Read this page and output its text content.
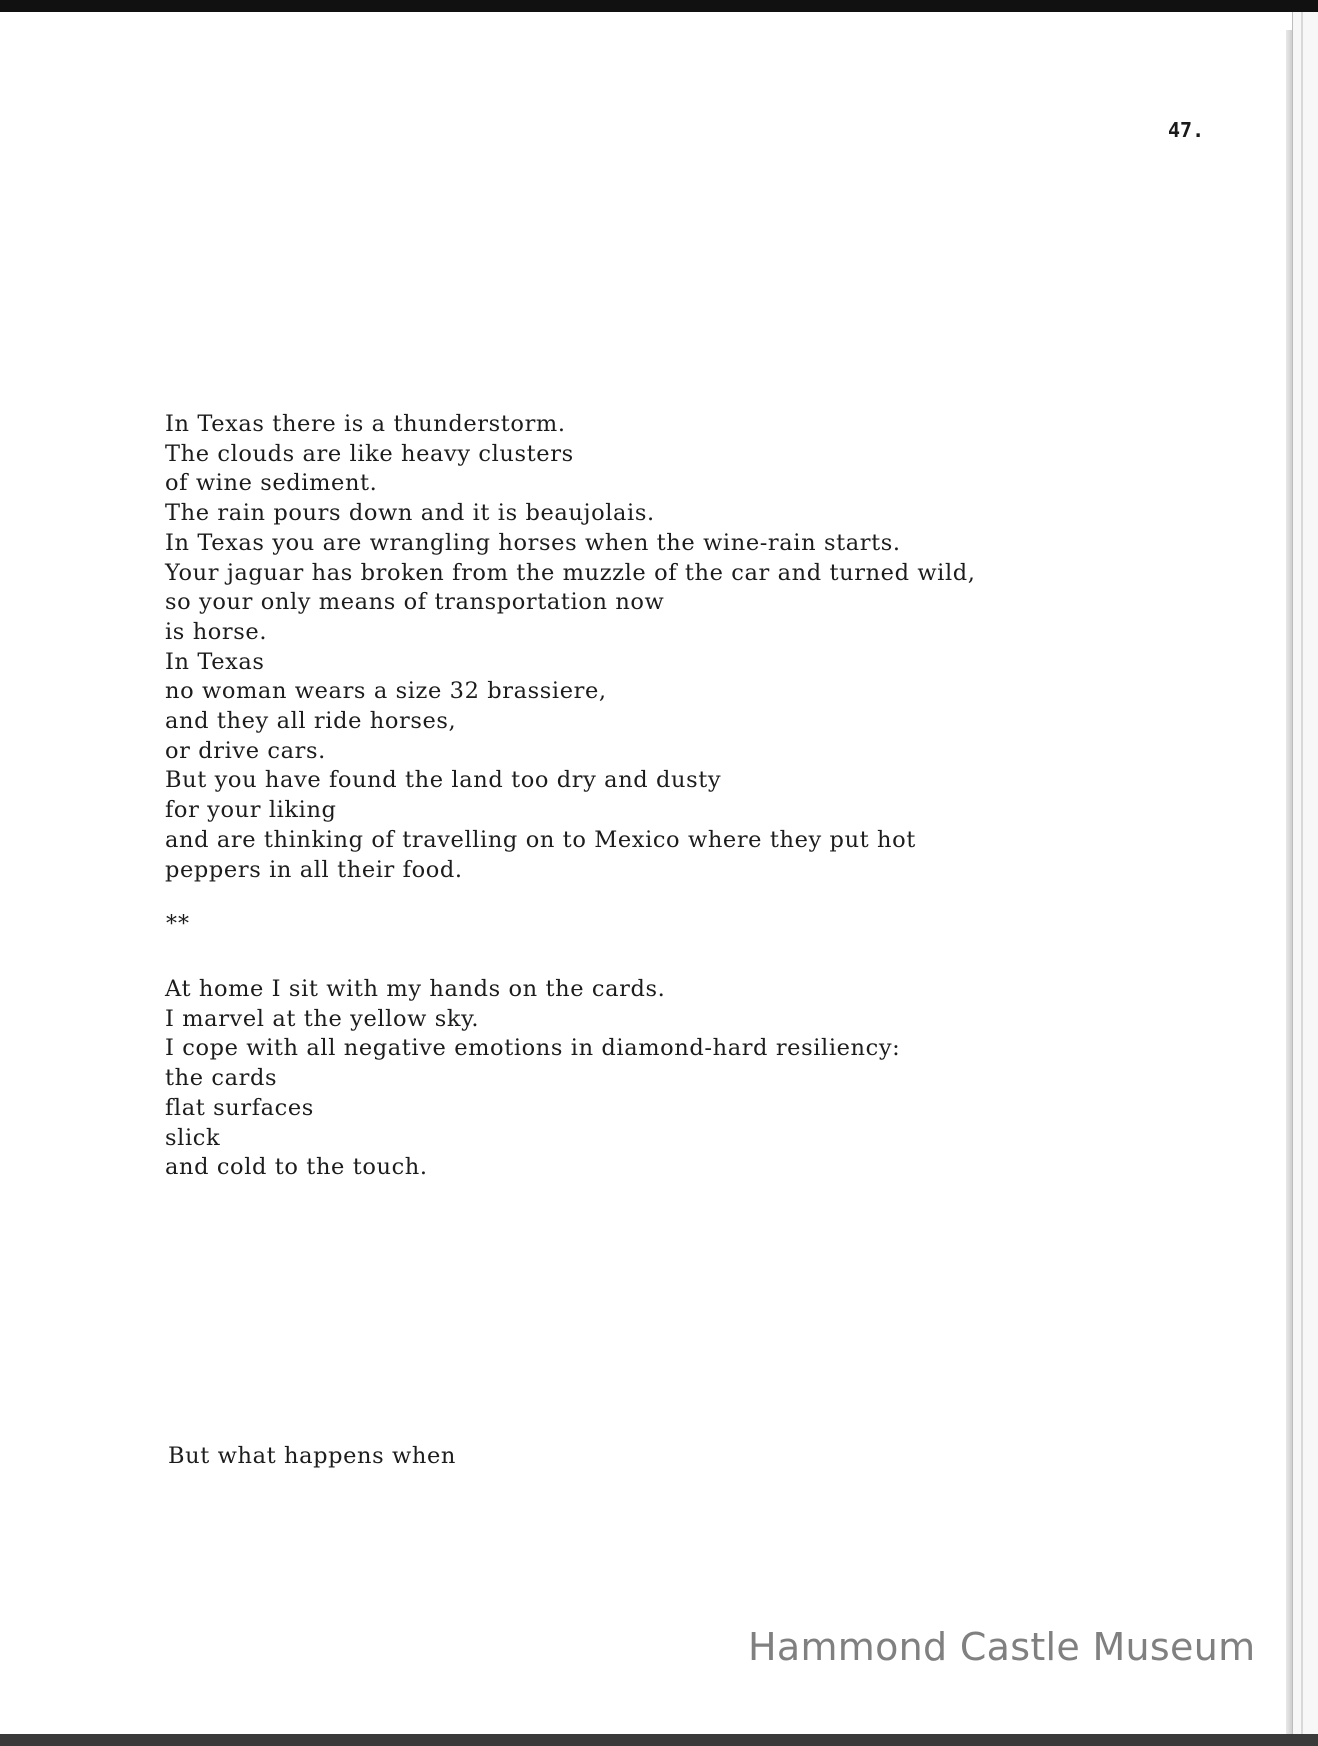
47.
In Texas there is a thunderstorm.
The clouds are like heavy clusters
of wine sediment.
The rain pours down and it is beaujolais.
In Texas you are wrangling horses when the wine-rain starts.
Your jaguar has broken from the muzzle of the car and turned wild,
so your only means of transportation now
is horse.
In Texas
no woman wears a size 32 brassiere,
and they all ride horses,
or drive cars.
But you have found the land too dry and dusty
for your liking
and are thinking of travelling on to Mexico where they put hot
peppers in all their food.
**
At home I sit with my hands on the cards.
I marvel at the yellow sky.
I cope with all negative emotions in diamond-hard resiliency:
the cards
flat surfaces
slick
and cold to the touch.
But what happens when
Hammond Castle Museum
